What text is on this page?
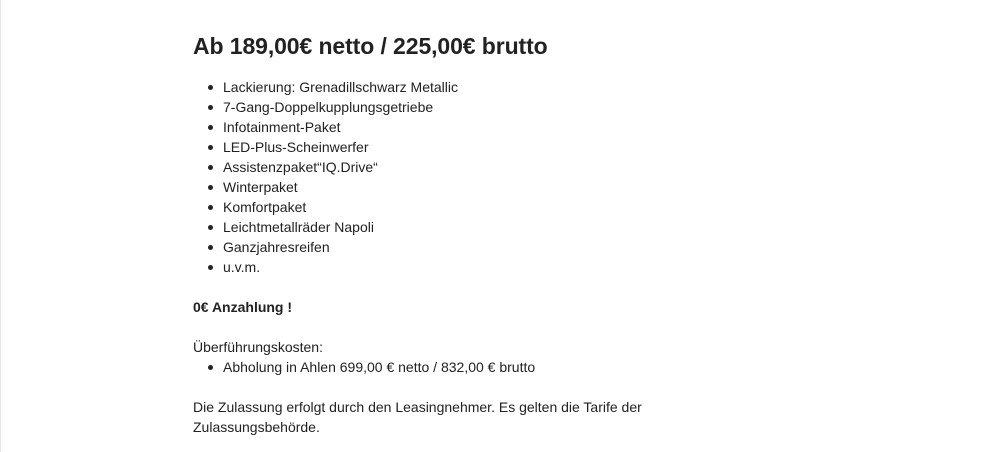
Ab 189,00€ netto / 225,00€ brutto
Lackierung: Grenadillschwarz Metallic
7-Gang-Doppelkupplungsgetriebe
Infotainment-Paket
LED-Plus-Scheinwerfer
Assistenzpaket“IQ.Drive“
Winterpaket
Komfortpaket
Leichtmetallräder Napoli
Ganzjahresreifen
u.v.m.
0€ Anzahlung !
Überführungskosten:
Abholung in Ahlen 699,00 € netto / 832,00 € brutto

Die Zulassung erfolgt durch den Leasingnehmer. Es gelten die Tarife der Zulassungsbehörde.
